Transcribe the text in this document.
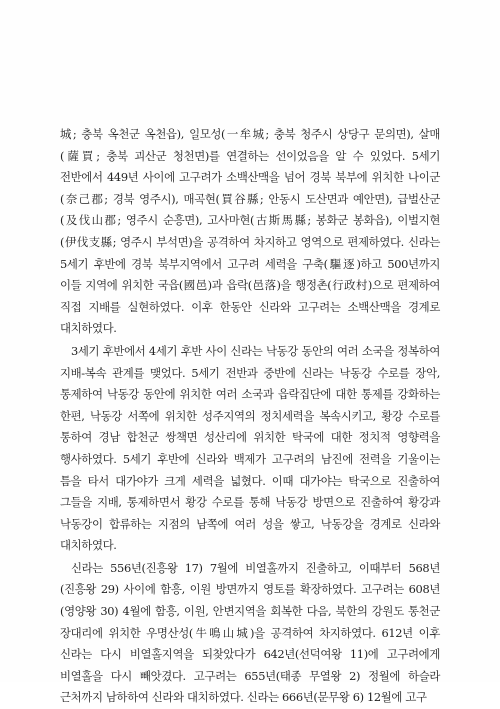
城; 충북 옥천군 옥천읍), 일모성(一牟城; 충북 청주시 상당구 문의면), 살매(薩買; 충북 괴산군 청천면)를 연결하는 선이었음을 알 수 있었다. 5세기 전반에서 449년 사이에 고구려가 소백산맥을 넘어 경북 북부에 위치한 나이군(奈己郡; 경북 영주시), 매곡현(買谷縣; 안동시 도산면과 예안면), 급벌산군(及伐山郡; 영주시 순흥면), 고사마현(古斯馬縣; 봉화군 봉화읍), 이벌지현(伊伐支縣; 영주시 부석면)을 공격하여 차지하고 영역으로 편제하였다. 신라는 5세기 후반에 경북 북부지역에서 고구려 세력을 구축(驅逐)하고 500년까지 이들 지역에 위치한 국읍(國邑)과 읍락(邑落)을 행정촌(行政村)으로 편제하여 직접 지배를 실현하였다. 이후 한동안 신라와 고구려는 소백산맥을 경계로 대치하였다.

3세기 후반에서 4세기 후반 사이 신라는 낙동강 동안의 여러 소국을 정복하여 지배-복속 관계를 맺었다. 5세기 전반과 중반에 신라는 낙동강 수로를 장악, 통제하여 낙동강 동안에 위치한 여러 소국과 읍락집단에 대한 통제를 강화하는 한편, 낙동강 서쪽에 위치한 성주지역의 정치세력을 복속시키고, 황강 수로를 통하여 경남 합천군 쌍책면 성산리에 위치한 탁국에 대한 정치적 영향력을 행사하였다. 5세기 후반에 신라와 백제가 고구려의 남진에 전력을 기울이는 틈을 타서 대가야가 크게 세력을 넓혔다. 이때 대가야는 탁국으로 진출하여 그들을 지배, 통제하면서 황강 수로를 통해 낙동강 방면으로 진출하여 황강과 낙동강이 합류하는 지점의 남쪽에 여러 성을 쌓고, 낙동강을 경계로 신라와 대치하였다.

신라는 556년(진흥왕 17) 7월에 비열홀까지 진출하고, 이때부터 568년(진흥왕 29) 사이에 함흥, 이원 방면까지 영토를 확장하였다. 고구려는 608년(영양왕 30) 4월에 함흥, 이원, 안변지역을 회복한 다음, 북한의 강원도 통천군 장대리에 위치한 우명산성(牛鳴山城)을 공격하여 차지하였다. 612년 이후 신라는 다시 비열홀지역을 되찾았다가 642년(선덕여왕 11)에 고구려에게 비열홀을 다시 빼앗겼다. 고구려는 655년(태종 무열왕 2) 정월에 하슬라 근처까지 남하하여 신라와 대치하였다. 신라는 666년(문무왕 6) 12월에 고구
